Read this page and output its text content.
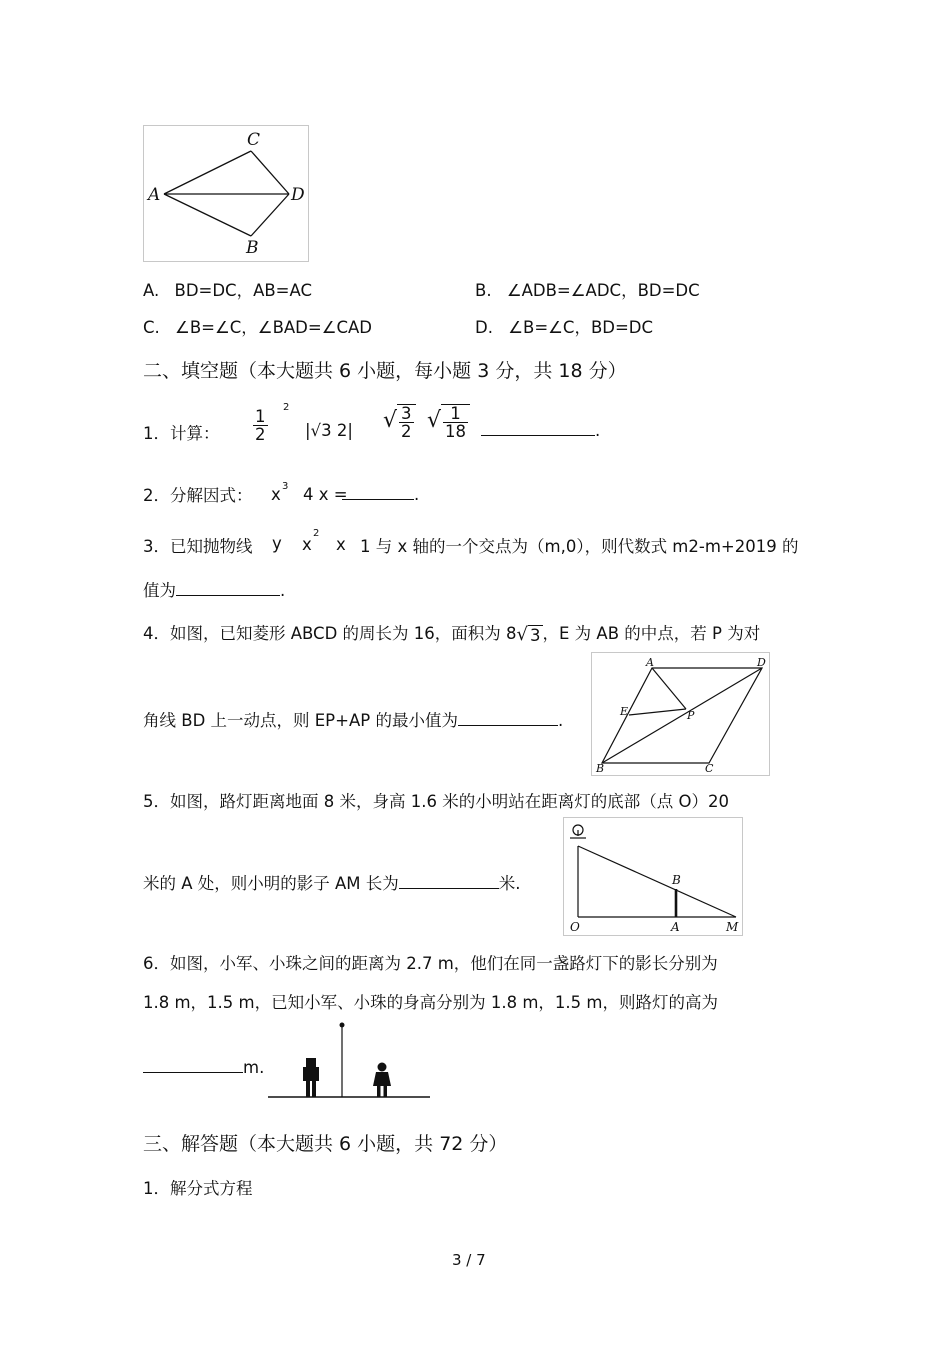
C
A	D
B
A. BD=DC，AB=AC	B. ∠ADB=∠ADC，BD=DC
C. ∠B=∠C，∠BAD=∠CAD	D. ∠B=∠C，BD=DC
二、填空题（本大题共 6 小题，每小题 3 分，共 18 分）
1．计算： $\frac{1}{2}$
2
|√3 2| √ $\frac{3}{2}$ √ $\frac{1}{18}$	.
2．分解因式： x 3 4 x =	.
3．已知抛物线 y x
2
x 1 与 x 轴的一个交点为（m,0），则代数式 m2-m+2019 的
值为	.
4．如图，已知菱形 ABCD 的周长为 16，面积为 8√ 3 ，E 为 AB 的中点，若 P 为对
角线 BD 上一动点，则 EP+AP 的最小值为	.
A	D
E	P
B	C
5．如图，路灯距离地面 8 米，身高 1.6 米的小明站在距离灯的底部（点 O）20
米的 A 处，则小明的影子 AM 长为	米.	B
O	A	M
6．如图，小军、小珠之间的距离为 2.7 m，他们在同一盏路灯下的影长分别为
1.8 m，1.5 m，已知小军、小珠的身高分别为 1.8 m，1.5 m，则路灯的高为
m.
三、解答题（本大题共 6 小题，共 72 分）
1．解分式方程
3 / 7
